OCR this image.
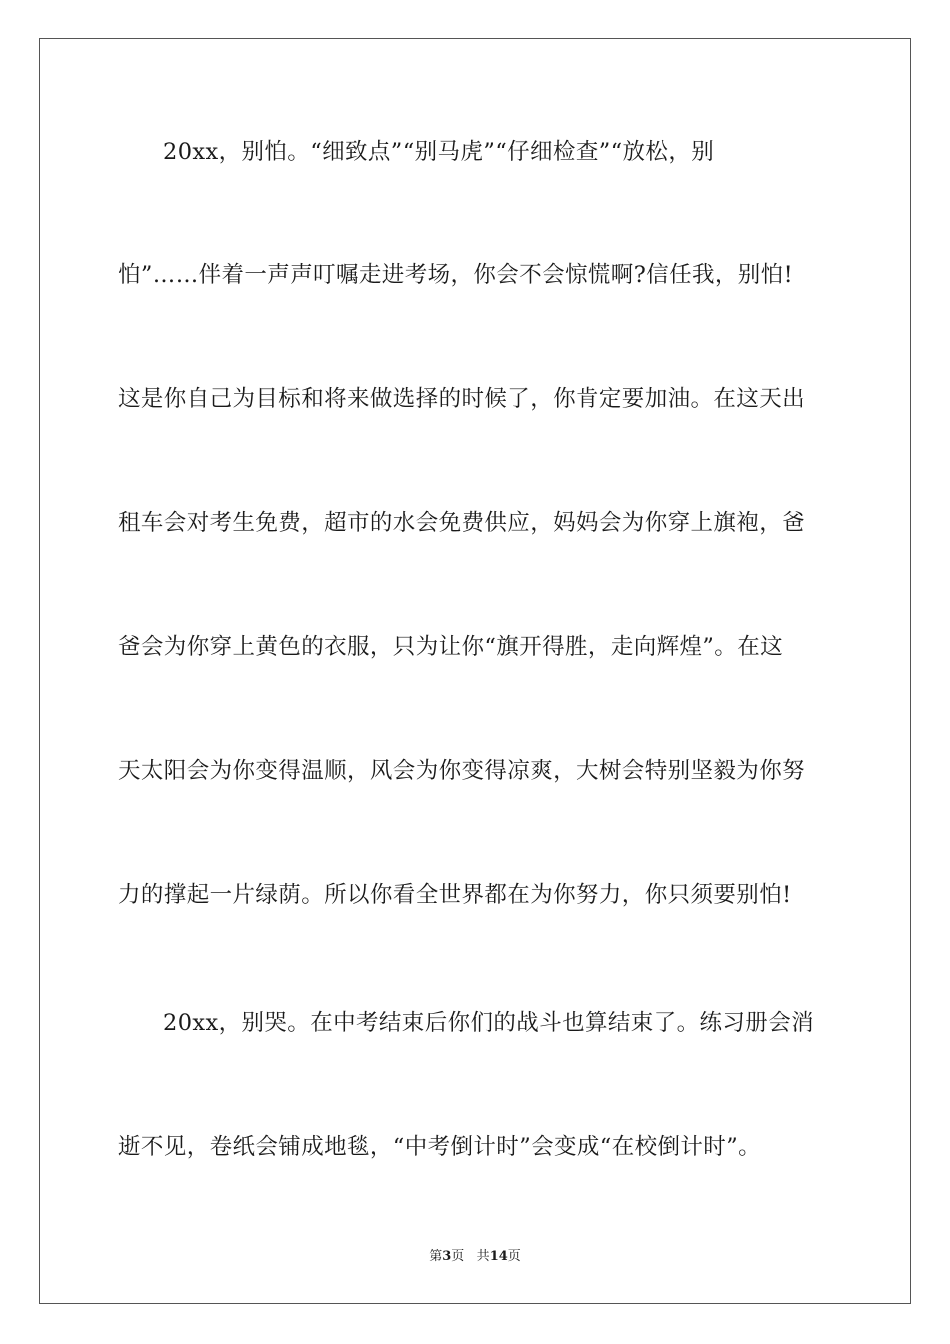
20xx，别怕。“细致点”“别马虎”“仔细检查”“放松，别
怕”……伴着一声声叮嘱走进考场，你会不会惊慌啊?信任我，别怕!
这是你自己为目标和将来做选择的时候了，你肯定要加油。在这天出
租车会对考生免费，超市的水会免费供应，妈妈会为你穿上旗袍，爸
爸会为你穿上黄色的衣服，只为让你“旗开得胜，走向辉煌”。在这
天太阳会为你变得温顺，风会为你变得凉爽，大树会特别坚毅为你努
力的撑起一片绿荫。所以你看全世界都在为你努力，你只须要别怕!
20xx，别哭。在中考结束后你们的战斗也算结束了。练习册会消
逝不见，卷纸会铺成地毯，“中考倒计时”会变成“在校倒计时”。
第3页 共14页
